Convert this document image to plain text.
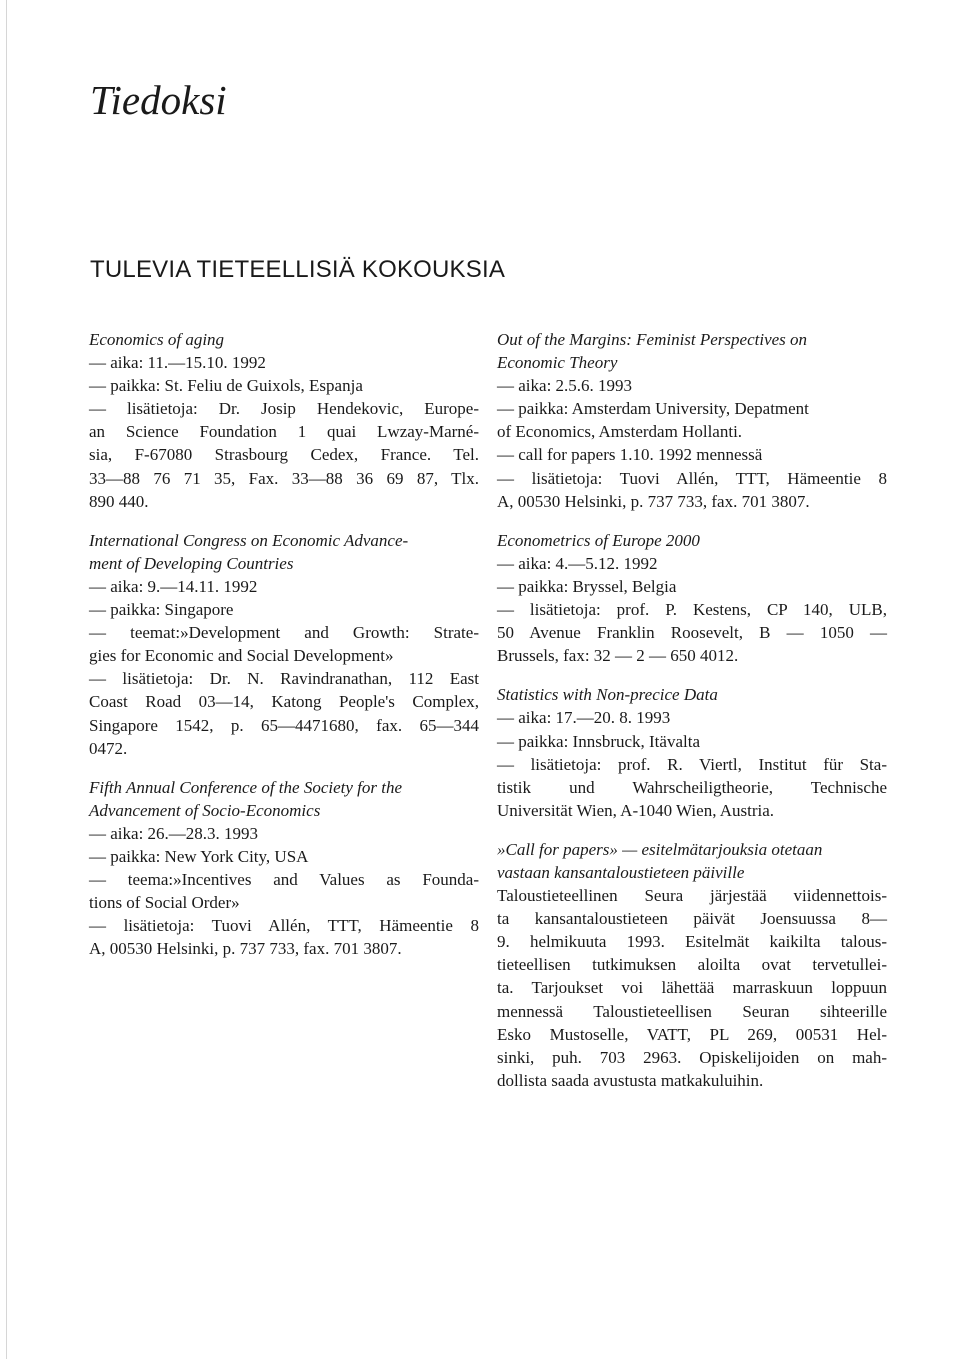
Tiedoksi
TULEVIA TIETEELLISIÄ KOKOUKSIA
Economics of aging
— aika: 11.—15.10. 1992
— paikka: St. Feliu de Guixols, Espanja
— lisätietoja: Dr. Josip Hendekovic, Europe-
an Science Foundation 1 quai Lwzay-Marné-
sia, F-67080 Strasbourg Cedex, France. Tel.
33—88 76 71 35, Fax. 33—88 36 69 87, Tlx.
890 440.
International Congress on Economic Advance-
ment of Developing Countries
— aika: 9.—14.11. 1992
— paikka: Singapore
— teemat:»Development and Growth: Strate-
gies for Economic and Social Development»
— lisätietoja: Dr. N. Ravindranathan, 112 East
Coast Road 03—14, Katong People's Complex,
Singapore 1542, p. 65—4471680, fax. 65—344
0472.
Fifth Annual Conference of the Society for the
Advancement of Socio-Economics
— aika: 26.—28.3. 1993
— paikka: New York City, USA
— teema:»Incentives and Values as Founda-
tions of Social Order»
— lisätietoja: Tuovi Allén, TTT, Hämeentie 8
A, 00530 Helsinki, p. 737 733, fax. 701 3807.
Out of the Margins: Feminist Perspectives on
Economic Theory
— aika: 2.5.6. 1993
— paikka: Amsterdam University, Depatment
of Economics, Amsterdam Hollanti.
— call for papers 1.10. 1992 mennessä
— lisätietoja: Tuovi Allén, TTT, Hämeentie 8
A, 00530 Helsinki, p. 737 733, fax. 701 3807.
Econometrics of Europe 2000
— aika: 4.—5.12. 1992
— paikka: Bryssel, Belgia
— lisätietoja: prof. P. Kestens, CP 140, ULB,
50 Avenue Franklin Roosevelt, B — 1050 —
Brussels, fax: 32 — 2 — 650 4012.
Statistics with Non-precice Data
— aika: 17.—20. 8. 1993
— paikka: Innsbruck, Itävalta
— lisätietoja: prof. R. Viertl, Institut für Sta-
tistik und Wahrscheiligtheorie, Technische
Universität Wien, A-1040 Wien, Austria.
»Call for papers» — esitelmätarjouksia otetaan
vastaan kansantaloustieteen päiville
Taloustieteellinen Seura järjestää viidennettois-
ta kansantaloustieteen päivät Joensuussa 8—
9. helmikuuta 1993. Esitelmät kaikilta talous-
tieteellisen tutkimuksen aloilta ovat tervetullei-
ta. Tarjoukset voi lähettää marraskuun loppuun
mennessä Taloustieteellisen Seuran sihteerille
Esko Mustoselle, VATT, PL 269, 00531 Hel-
sinki, puh. 703 2963. Opiskelijoiden on mah-
dollista saada avustusta matkakuluihin.
